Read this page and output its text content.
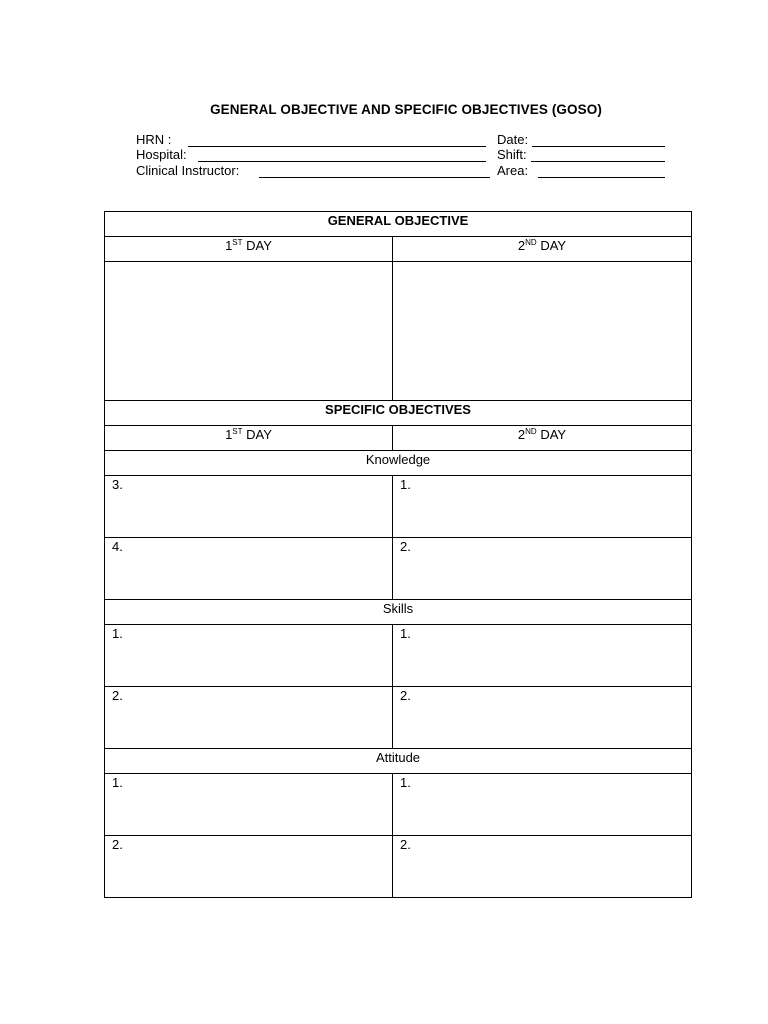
GENERAL OBJECTIVE AND SPECIFIC OBJECTIVES (GOSO)
HRN :
Hospital:
Clinical Instructor:
Date:
Shift:
Area:
GENERAL OBJECTIVE	
1ST DAY	2ND DAY

SPECIFIC OBJECTIVES	
1ST DAY	2ND DAY
Knowledge	
3.	1.
4.	2.
Skills	
1.	1.
2.	2.
Attitude	
1.	1.
2.	2.
